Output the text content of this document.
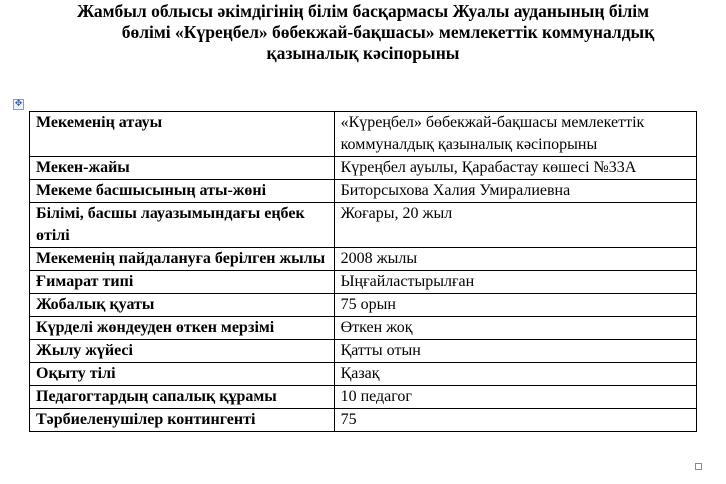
Жамбыл облысы әкімдігінің білім басқармасы Жуалы ауданының білім
бөлімі «Күреңбел» бөбекжай-бақшасы» мемлекеттік коммуналдық
қазыналық кәсіпорыны
✥
Мекеменің атауы	«Күреңбел» бөбекжай-бақшасы мемлекеттік коммуналдық қазыналық кәсіпорыны
Мекен-жайы	Күреңбел ауылы, Қарабастау көшесі №33А
Мекеме басшысының аты-жөні	Биторсыхова Халия Умиралиевна
Білімі, басшы лауазымындағы еңбек өтілі	Жоғары, 20 жыл
Мекеменің пайдалануға берілген жылы	2008 жылы
Ғимарат типі	Ыңғайластырылған
Жобалық қуаты	75 орын
Күрделі жөндеуден өткен мерзімі	Өткен жоқ
Жылу жүйесі	Қатты отын
Оқыту тілі	Қазақ
Педагогтардың сапалық құрамы	10 педагог
Тәрбиеленушілер контингенті	75
